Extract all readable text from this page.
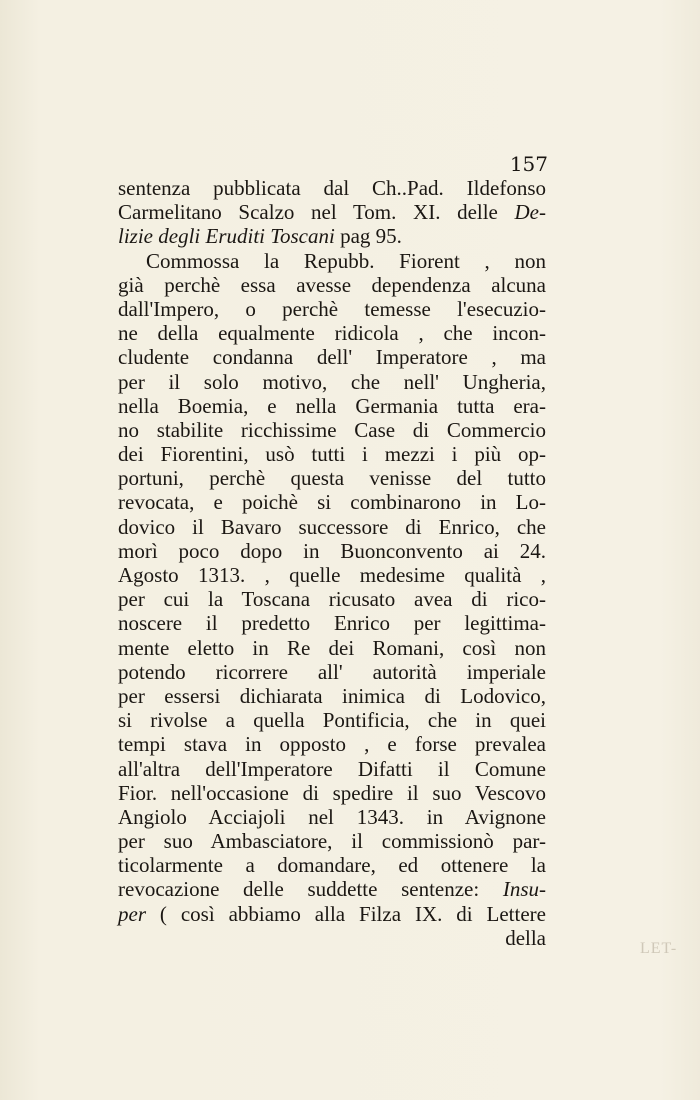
157
sentenza pubblicata dal Ch..Pad. Ildefonso
Carmelitano Scalzo nel Tom. XI. delle De-
lizie degli Eruditi Toscani pag 95.
Commossa la Repubb. Fiorent , non
già perchè essa avesse dependenza alcuna
dall'Impero, o perchè temesse l'esecuzio-
ne della equalmente ridicola , che incon-
cludente condanna dell' Imperatore , ma
per il solo motivo, che nell' Ungheria,
nella Boemia, e nella Germania tutta era-
no stabilite ricchissime Case di Commercio
dei Fiorentini, usò tutti i mezzi i più op-
portuni, perchè questa venisse del tutto
revocata, e poichè si combinarono in Lo-
dovico il Bavaro successore di Enrico, che
morì poco dopo in Buonconvento ai 24.
Agosto 1313. , quelle medesime qualità ,
per cui la Toscana ricusato avea di rico-
noscere il predetto Enrico per legittima-
mente eletto in Re dei Romani, così non
potendo ricorrere all' autorità imperiale
per essersi dichiarata inimica di Lodovico,
si rivolse a quella Pontificia, che in quei
tempi stava in opposto , e forse prevalea
all'altra dell'Imperatore Difatti il Comune
Fior. nell'occasione di spedire il suo Vescovo
Angiolo Acciajoli nel 1343. in Avignone
per suo Ambasciatore, il commissionò par-
ticolarmente a domandare, ed ottenere la
revocazione delle suddette sentenze: Insu-
per ( così abbiamo alla Filza IX. di Lettere
della	LET-
